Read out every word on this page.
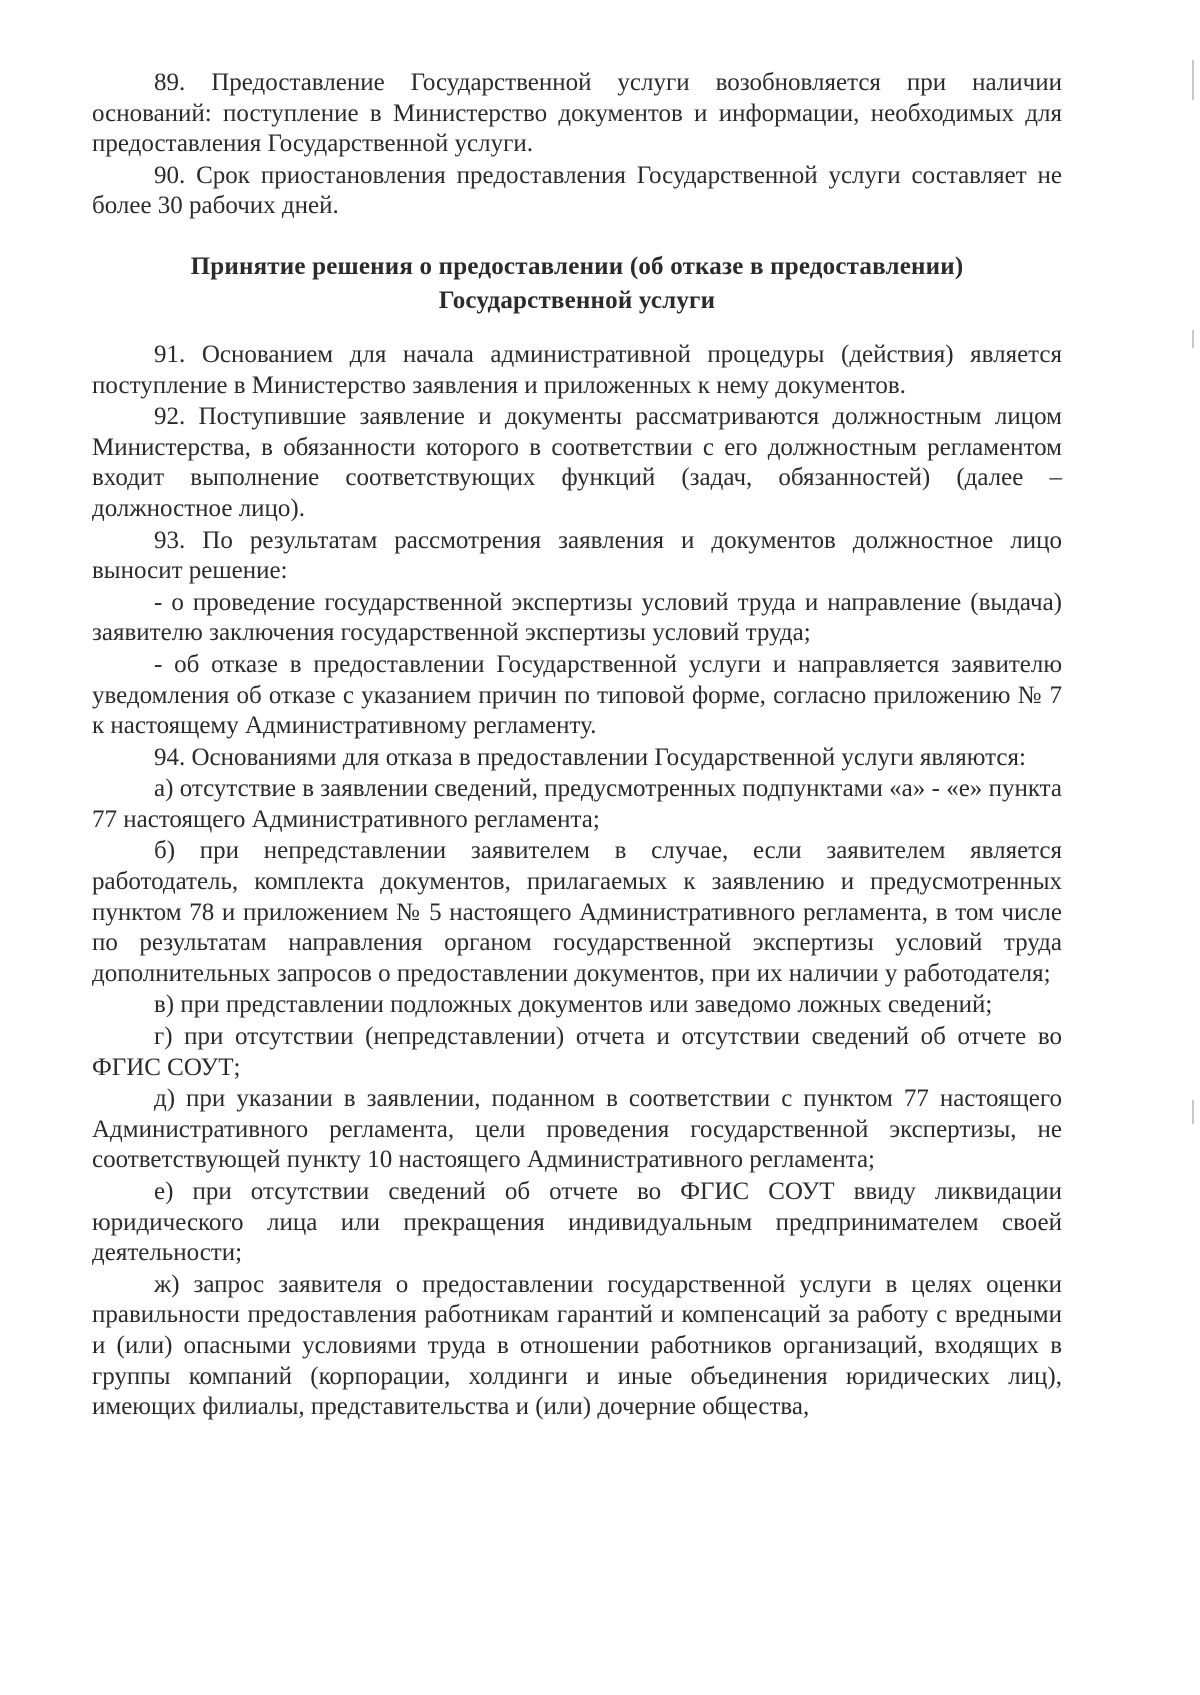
89. Предоставление Государственной услуги возобновляется при наличии оснований: поступление в Министерство документов и информации, необходимых для предоставления Государственной услуги.

90. Срок приостановления предоставления Государственной услуги составляет не более 30 рабочих дней.

Принятие решения о предоставлении (об отказе в предоставлении)
Государственной услуги

91. Основанием для начала административной процедуры (действия) является поступление в Министерство заявления и приложенных к нему документов.

92. Поступившие заявление и документы рассматриваются должностным лицом Министерства, в обязанности которого в соответствии с его должностным регламентом входит выполнение соответствующих функций (задач, обязанностей) (далее – должностное лицо).

93. По результатам рассмотрения заявления и документов должностное лицо выносит решение:

- о проведение государственной экспертизы условий труда и направление (выдача) заявителю заключения государственной экспертизы условий труда;

- об отказе в предоставлении Государственной услуги и направляется заявителю уведомления об отказе с указанием причин по типовой форме, согласно приложению № 7 к настоящему Административному регламенту.

94. Основаниями для отказа в предоставлении Государственной услуги являются:

а) отсутствие в заявлении сведений, предусмотренных подпунктами «а» - «е» пункта 77 настоящего Административного регламента;

б) при непредставлении заявителем в случае, если заявителем является работодатель, комплекта документов, прилагаемых к заявлению и предусмотренных пунктом 78 и приложением № 5 настоящего Административного регламента, в том числе по результатам направления органом государственной экспертизы условий труда дополнительных запросов о предоставлении документов, при их наличии у работодателя;

в) при представлении подложных документов или заведомо ложных сведений;

г) при отсутствии (непредставлении) отчета и отсутствии сведений об отчете во ФГИС СОУТ;

д) при указании в заявлении, поданном в соответствии с пунктом 77 настоящего Административного регламента, цели проведения государственной экспертизы, не соответствующей пункту 10 настоящего Административного регламента;

е) при отсутствии сведений об отчете во ФГИС СОУТ ввиду ликвидации юридического лица или прекращения индивидуальным предпринимателем своей деятельности;

ж) запрос заявителя о предоставлении государственной услуги в целях оценки правильности предоставления работникам гарантий и компенсаций за работу с вредными и (или) опасными условиями труда в отношении работников организаций, входящих в группы компаний (корпорации, холдинги и иные объединения юридических лиц), имеющих филиалы, представительства и (или) дочерние общества,
